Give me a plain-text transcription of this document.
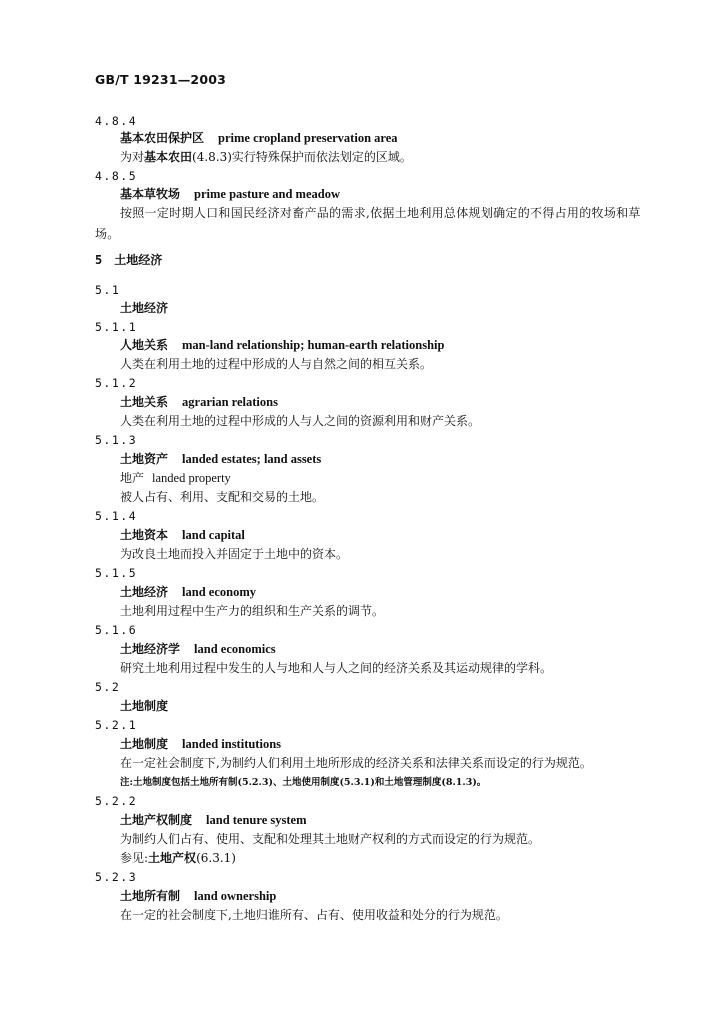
GB/T 19231—2003
4.8.4
基本农田保护区 prime cropland preservation area
为对基本农田(4.8.3)实行特殊保护而依法划定的区域。
4.8.5
基本草牧场 prime pasture and meadow
按照一定时期人口和国民经济对畜产品的需求,依据土地利用总体规划确定的不得占用的牧场和草场。
5 土地经济
5.1
土地经济
5.1.1
人地关系 man-land relationship; human-earth relationship
人类在利用土地的过程中形成的人与自然之间的相互关系。
5.1.2
土地关系 agrarian relations
人类在利用土地的过程中形成的人与人之间的资源利用和财产关系。
5.1.3
土地资产 landed estates; land assets
地产 landed property
被人占有、利用、支配和交易的土地。
5.1.4
土地资本 land capital
为改良土地而投入并固定于土地中的资本。
5.1.5
土地经济 land economy
土地利用过程中生产力的组织和生产关系的调节。
5.1.6
土地经济学 land economics
研究土地利用过程中发生的人与地和人与人之间的经济关系及其运动规律的学科。
5.2
土地制度
5.2.1
土地制度 landed institutions
在一定社会制度下,为制约人们利用土地所形成的经济关系和法律关系而设定的行为规范。
注:土地制度包括土地所有制(5.2.3)、土地使用制度(5.3.1)和土地管理制度(8.1.3)。
5.2.2
土地产权制度 land tenure system
为制约人们占有、使用、支配和处理其土地财产权利的方式而设定的行为规范。
参见:土地产权(6.3.1)
5.2.3
土地所有制 land ownership
在一定的社会制度下,土地归谁所有、占有、使用收益和处分的行为规范。
